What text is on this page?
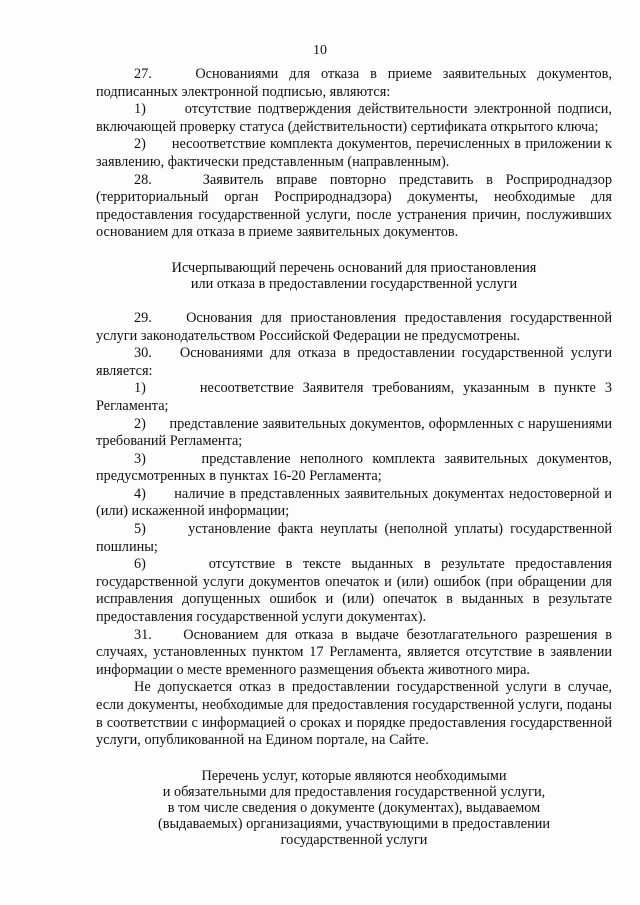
10

27.    Основаниями для отказа в приеме заявительных документов, подписанных электронной подписью, являются:

1)      отсутствие подтверждения действительности электронной подписи, включающей проверку статуса (действительности) сертификата открытого ключа;

2)      несоответствие комплекта документов, перечисленных в приложении к заявлению, фактически представленным (направленным).

28.    Заявитель вправе повторно представить в Росприроднадзор (территориальный орган Росприроднадзора) документы, необходимые для предоставления государственной услуги, после устранения причин, послуживших основанием для отказа в приеме заявительных документов.

Исчерпывающий перечень оснований для приостановления
или отказа в предоставлении государственной услуги

29.    Основания для приостановления предоставления государственной услуги законодательством Российской Федерации не предусмотрены.

30.    Основаниями для отказа в предоставлении государственной услуги является:

1)      несоответствие Заявителя требованиям, указанным в пункте 3 Регламента;

2)      представление заявительных документов, оформленных с нарушениями требований Регламента;

3)      представление неполного комплекта заявительных документов, предусмотренных в пунктах 16-20 Регламента;

4)      наличие в представленных заявительных документах недостоверной и (или) искаженной информации;

5)      установление факта неуплаты (неполной уплаты) государственной пошлины;

6)      отсутствие в тексте выданных в результате предоставления государственной услуги документов опечаток и (или) ошибок (при обращении для исправления допущенных ошибок и (или) опечаток в выданных в результате предоставления государственной услуги документах).

31.    Основанием для отказа в выдаче безотлагательного разрешения в случаях, установленных пунктом 17 Регламента, является отсутствие в заявлении информации о месте временного размещения объекта животного мира.

Не допускается отказ в предоставлении государственной услуги в случае, если документы, необходимые для предоставления государственной услуги, поданы в соответствии с информацией о сроках и порядке предоставления государственной услуги, опубликованной на Едином портале, на Сайте.

Перечень услуг, которые являются необходимыми
и обязательными для предоставления государственной услуги,
в том числе сведения о документе (документах), выдаваемом
(выдаваемых) организациями, участвующими в предоставлении
государственной услуги
